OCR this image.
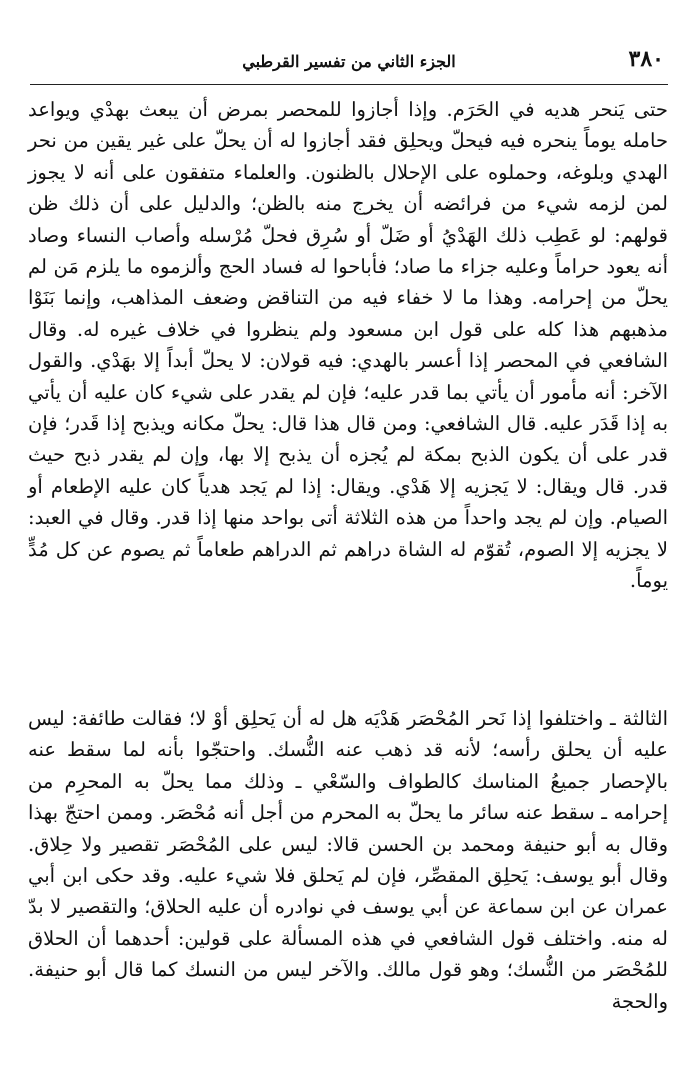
٣٨٠
الجزء الثاني من تفسير القرطبي

حتى يَنحر هديه في الحَرَم. وإذا أجازوا للمحصر بمرض أن يبعث بهدْي ويواعد حامله يوماً ينحره فيه فيحلّ ويحلِق فقد أجازوا له أن يحلّ على غير يقين من نحر الهدي وبلوغه، وحملوه على الإحلال بالظنون. والعلماء متفقون على أنه لا يجوز لمن لزمه شيء من فرائضه أن يخرج منه بالظن؛ والدليل على أن ذلك ظن قولهم: لو عَطِب ذلك الهَدْيُ أو ضَلّ أو سُرِق فحلّ مُرْسله وأصاب النساء وصاد أنه يعود حراماً وعليه جزاء ما صاد؛ فأباحوا له فساد الحج وألزموه ما يلزم مَن لم يحلّ من إحرامه. وهذا ما لا خفاء فيه من التناقض وضعف المذاهب، وإنما بَنَوْا مذهبهم هذا كله على قول ابن مسعود ولم ينظروا في خلاف غيره له. وقال الشافعي في المحصر إذا أعسر بالهدي: فيه قولان: لا يحلّ أبداً إلا بهَدْي. والقول الآخر: أنه مأمور أن يأتي بما قدر عليه؛ فإن لم يقدر على شيء كان عليه أن يأتي به إذا قَدَر عليه. قال الشافعي: ومن قال هذا قال: يحلّ مكانه ويذبح إذا قَدر؛ فإن قدر على أن يكون الذبح بمكة لم يُجزه أن يذبح إلا بها، وإن لم يقدر ذبح حيث قدر. قال ويقال: لا يَجزيه إلا هَدْي. ويقال: إذا لم يَجد هدياً كان عليه الإطعام أو الصيام. وإن لم يجد واحداً من هذه الثلاثة أتى بواحد منها إذا قدر. وقال في العبد: لا يجزيه إلا الصوم، تُقوّم له الشاة دراهم ثم الدراهم طعاماً ثم يصوم عن كل مُدٍّ يوماً.

الثالثة ـ واختلفوا إذا نَحر المُحْصَر هَدْيَه هل له أن يَحلِق أوْ لا؛ فقالت طائفة: ليس عليه أن يحلق رأسه؛ لأنه قد ذهب عنه النُّسك. واحتجّوا بأنه لما سقط عنه بالإحصار جميعُ المناسك كالطواف والسّعْي ـ وذلك مما يحلّ به المحرِم من إحرامه ـ سقط عنه سائر ما يحلّ به المحرم من أجل أنه مُحْصَر. وممن احتجّ بهذا وقال به أبو حنيفة ومحمد بن الحسن قالا: ليس على المُحْصَر تقصير ولا حِلاق. وقال أبو يوسف: يَحلِق المقصِّر، فإن لم يَحلق فلا شيء عليه. وقد حكى ابن أبي عمران عن ابن سماعة عن أبي يوسف في نوادره أن عليه الحلاق؛ والتقصير لا بدّ له منه. واختلف قول الشافعي في هذه المسألة على قولين: أحدهما أن الحلاق للمُحْصَر من النُّسك؛ وهو قول مالك. والآخر ليس من النسك كما قال أبو حنيفة. والحجة
